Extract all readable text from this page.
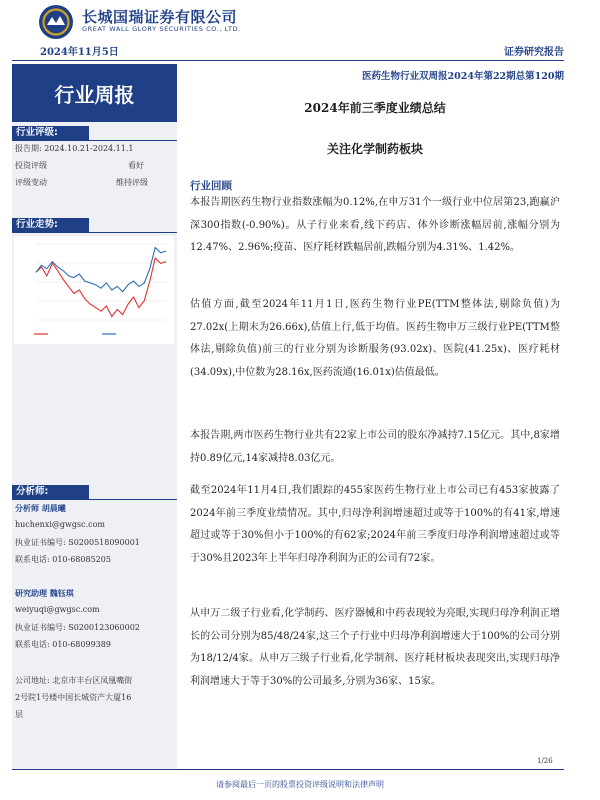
长城国瑞证券有限公司
GREAT WALL GLORY SECURITIES CO., LTD.
2024年11月5日	证券研究报告
医药生物行业双周报2024年第22期总第120期
行业周报
行业评级:
报告期: 2024.10.21-2024.11.1
投资评级	看好
评级变动	维持评级
行业走势:
分析师:
分析师 胡晨曦
huchenxi@gwgsc.com
执业证书编号: S0200518090001
联系电话: 010-68085205
研究助理 魏钰琪
weiyuqi@gwgsc.com
执业证书编号: S0200123060002
联系电话: 010-68099389
公司地址: 北京市丰台区凤凰嘴街
2号院1号楼中国长城资产大厦16
层
2024年前三季度业绩总结
关注化学制药板块
行业回顾

本报告期医药生物行业指数涨幅为0.12%,在申万31个一级行业中位居第23,跑赢沪深300指数(-0.90%)。从子行业来看,线下药店、体外诊断涨幅居前,涨幅分别为12.47%、2.96%;疫苗、医疗耗材跌幅居前,跌幅分别为4.31%、1.42%。

估值方面,截至2024年11月1日,医药生物行业PE(TTM整体法,剔除负值)为27.02x(上期末为26.66x),估值上行,低于均值。医药生物申万三级行业PE(TTM整体法,剔除负值)前三的行业分别为诊断服务(93.02x)、医院(41.25x)、医疗耗材(34.09x),中位数为28.16x,医药流通(16.01x)估值最低。

本报告期,两市医药生物行业共有22家上市公司的股东净减持7.15亿元。其中,8家增持0.89亿元,14家减持8.03亿元。

截至2024年11月4日,我们跟踪的455家医药生物行业上市公司已有453家披露了2024年前三季度业绩情况。其中,归母净利润增速超过或等于100%的有41家,增速超过或等于30%但小于100%的有62家;2024年前三季度归母净利润增速超过或等于30%且2023年上半年归母净利润为正的公司有72家。

从申万二级子行业看,化学制药、医疗器械和中药表现较为亮眼,实现归母净利润正增长的公司分别为85/48/24家,这三个子行业中归母净利润增速大于100%的公司分别为18/12/4家。从申万三级子行业看,化学制剂、医疗耗材板块表现突出,实现归母净利润增速大于等于30%的公司最多,分别为36家、15家。

1/26
请参阅最后一页的股票投资评级说明和法律声明
